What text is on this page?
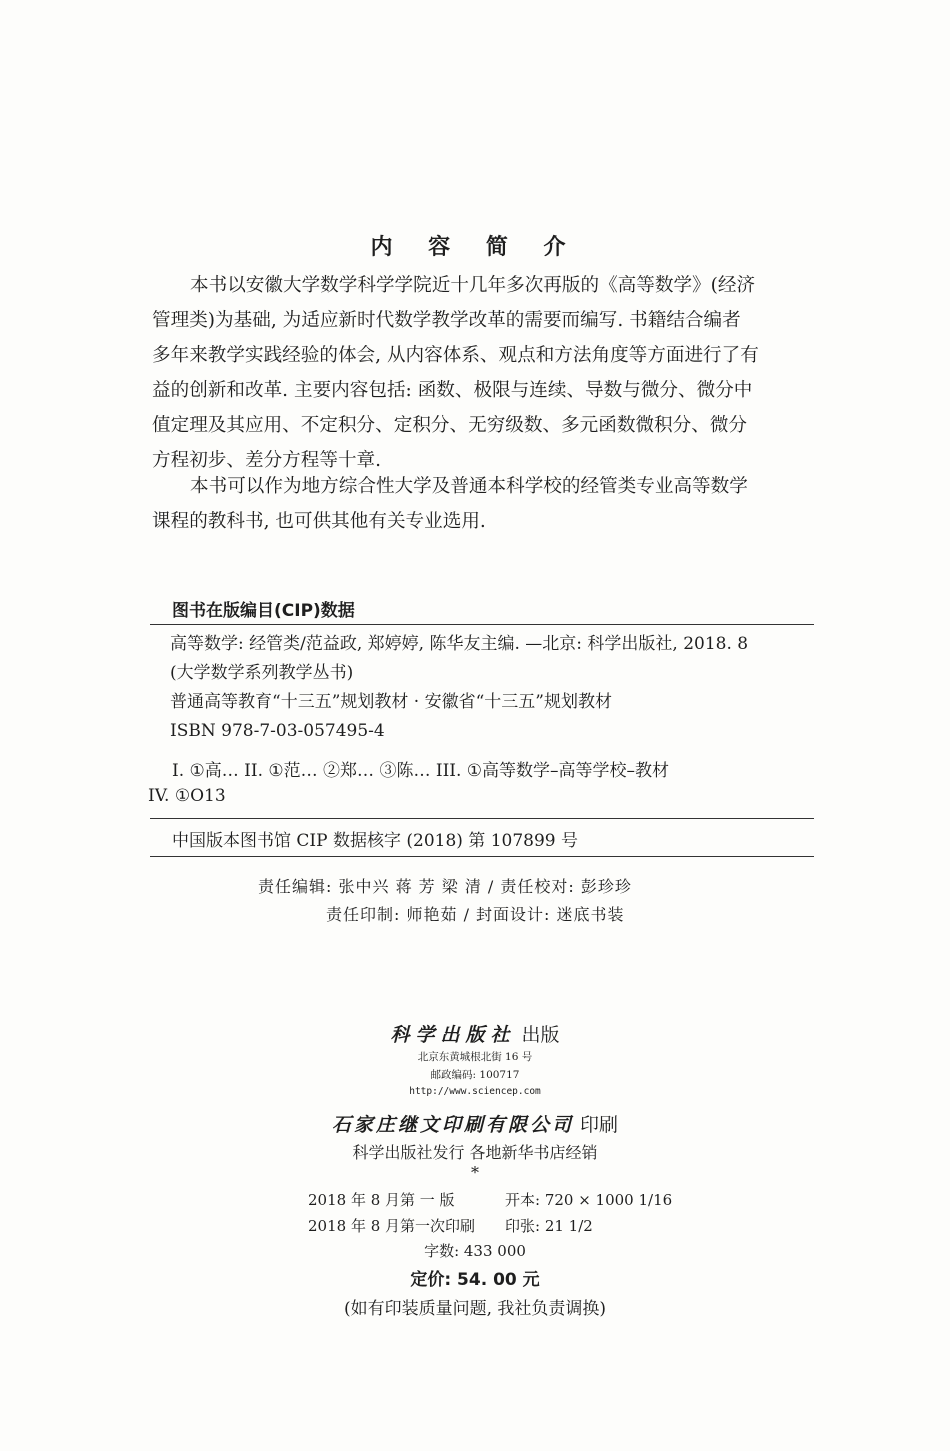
内 容 简 介
本书以安徽大学数学科学学院近十几年多次再版的《高等数学》(经济
管理类)为基础, 为适应新时代数学教学改革的需要而编写. 书籍结合编者
多年来教学实践经验的体会, 从内容体系、观点和方法角度等方面进行了有
益的创新和改革. 主要内容包括: 函数、极限与连续、导数与微分、微分中
值定理及其应用、不定积分、定积分、无穷级数、多元函数微积分、微分
方程初步、差分方程等十章.
本书可以作为地方综合性大学及普通本科学校的经管类专业高等数学
课程的教科书, 也可供其他有关专业选用.
图书在版编目(CIP)数据
高等数学: 经管类/范益政, 郑婷婷, 陈华友主编. —北京: 科学出版社, 2018. 8
(大学数学系列教学丛书)
普通高等教育“十三五”规划教材 · 安徽省“十三五”规划教材
ISBN 978-7-03-057495-4
I. ①高… II. ①范… ②郑… ③陈… III. ①高等数学–高等学校–教材
IV. ①O13
中国版本图书馆 CIP 数据核字 (2018) 第 107899 号
责任编辑: 张中兴 蒋 芳 梁 清 / 责任校对: 彭珍珍
责任印制: 师艳茹 / 封面设计: 迷底书装
科学出版社 出版
北京东黄城根北街 16 号
邮政编码: 100717
http://www.sciencep.com
石家庄继文印刷有限公司 印刷
科学出版社发行 各地新华书店经销
*
2018 年 8 月第 一 版	开本: 720 × 1000 1/16
2018 年 8 月第一次印刷 印张: 21 1/2
字数: 433 000
定价: 54. 00 元
(如有印装质量问题, 我社负责调换)
